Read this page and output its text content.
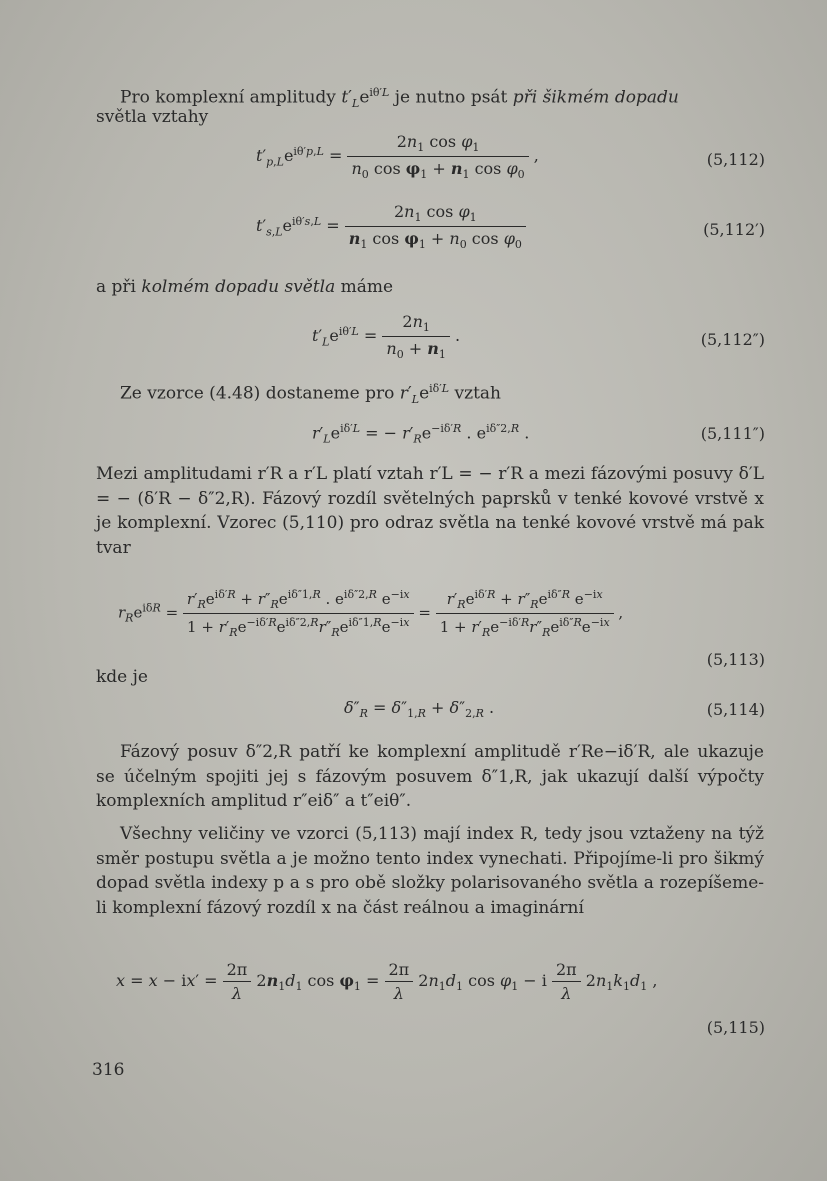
Pro komplexní amplitudy $t'_Le^{i\theta'L}$ je nutno psát při šikmém dopadu
světla vztahy
$t'_{p,L}e^{i\theta'p,L} = \frac{2n_1 \cos \varphi_1}{n_0 \cos \varphi_1 + n_1 \cos \varphi_0}$ ,	(5,112)
$t'_{s,L}e^{i\theta's,L} = \frac{2n_1 \cos \varphi_1}{n_1 \cos \varphi_1 + n_0 \cos \varphi_0}$	(5,112′)
a při kolmém dopadu světla máme
$t'_Le^{i\theta'L} = \frac{2n_1}{n_0 + n_1}$ .	(5,112″)
Ze vzorce (4.48) dostaneme pro $r'_Le^{i\delta'L}$ vztah
$r'_Le^{i\delta'L}$ = − $r'_Re^{-i\delta'R}$ . $e^{i\delta''2,R}$ .	(5,111″)
Mezi amplitudami r′R a r′L platí vztah r′L = − r′R a mezi fázovými posuvy δ′L = − (δ′R − δ″2,R). Fázový rozdíl světelných paprsků v tenké kovové vrstvě x je komplexní. Vzorec (5,110) pro odraz světla na tenké kovové vrstvě má pak tvar
$r_Re^{i\delta R} = \frac{r'_Re^{i\delta'R} + r''_Re^{i\delta''1,R} . e^{i\delta''2,R} e^{-ix}}{1 + r'_Re^{-i\delta'R}e^{i\delta''2,R}r''_Re^{i\delta''1,R}e^{-ix}} = \frac{r'_Re^{i\delta'R} + r''_Re^{i\delta''R} e^{-ix}}{1 + r'_Re^{-i\delta'R}r''_Re^{i\delta''R}e^{-ix}}$ ,
(5,113)
kde je
$\delta''_R = \delta''_{1,R} + \delta''_{2,R}$ .	(5,114)
Fázový posuv δ″2,R patří ke komplexní amplitudě r′Re−iδ′R, ale ukazuje se účelným spojiti jej s fázovým posuvem δ″1,R, jak ukazují další výpočty komplexních amplitud r″eiδ″ a t″eiθ″.
Všechny veličiny ve vzorci (5,113) mají index R, tedy jsou vztaženy na týž směr postupu světla a je možno tento index vynechati. Připojíme-li pro šikmý dopad světla indexy p a s pro obě složky polarisovaného světla a rozepíšeme-li komplexní fázový rozdíl x na část reálnou a imaginární
$x = x - ix' = \frac{2\pi}{\lambda} 2n_1d_1$ $\cos \varphi_1 = \frac{2\pi}{\lambda} 2n_1d_1$ $\cos \varphi_1 - i \frac{2\pi}{\lambda} 2n_1k_1d_1$ ,
(5,115)
316
